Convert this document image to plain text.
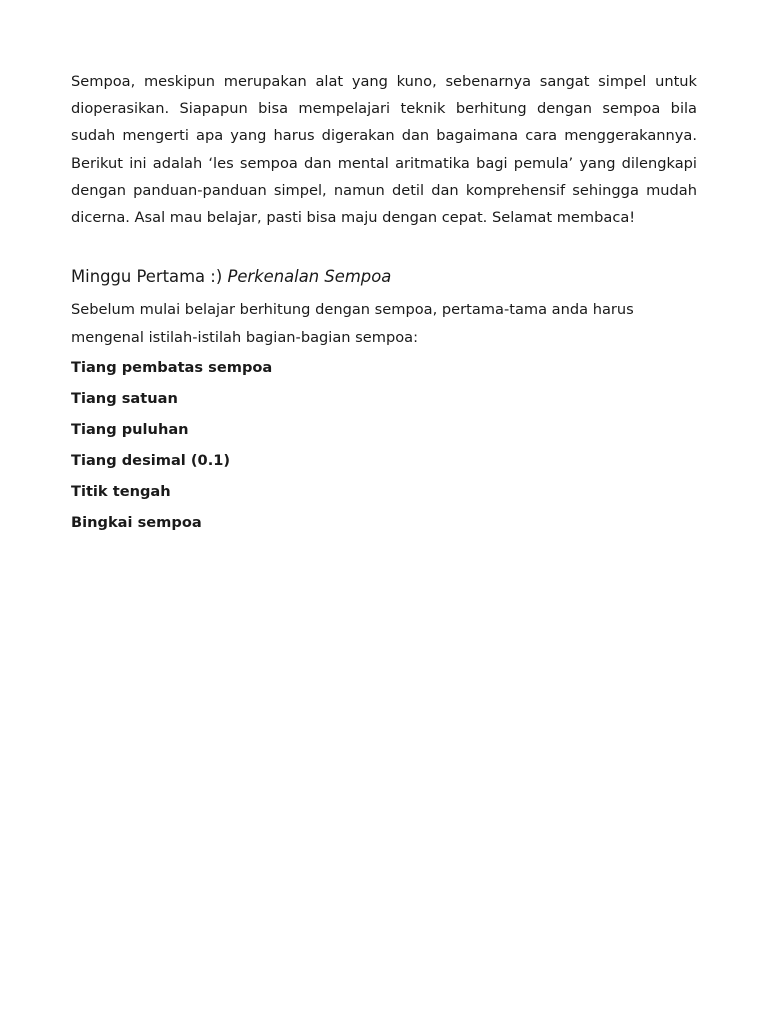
Sempoa, meskipun merupakan alat yang kuno, sebenarnya sangat simpel untuk dioperasikan. Siapapun bisa mempelajari teknik berhitung dengan sempoa bila sudah mengerti apa yang harus digerakan dan bagaimana cara menggerakannya. Berikut ini adalah ‘les sempoa dan mental aritmatika bagi pemula’ yang dilengkapi dengan panduan-panduan simpel, namun detil dan komprehensif sehingga mudah dicerna. Asal mau belajar, pasti bisa maju dengan cepat. Selamat membaca!

Minggu Pertama :) Perkenalan Sempoa

Sebelum mulai belajar berhitung dengan sempoa, pertama-tama anda harus mengenal istilah-istilah bagian-bagian sempoa:

Tiang pembatas sempoa
Tiang satuan
Tiang puluhan
Tiang desimal (0.1)
Titik tengah
Bingkai sempoa
